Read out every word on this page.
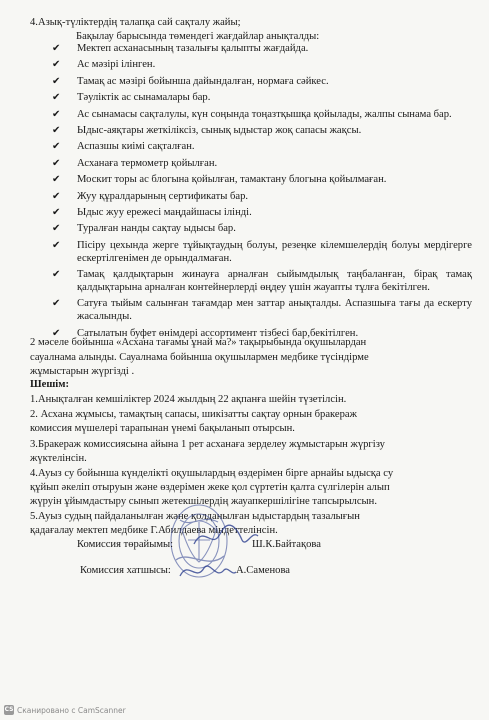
4.Азық-түліктердің талапқа сай сақталу жайы;
Бақылау барысында төмендегі жағдайлар анықталды:
✔ Мектеп асханасының тазалығы қалыпты жағдайда.
✔ Ас мәзірі ілінген.
✔ Тамақ ас мәзірі бойынша дайындалған, нормаға сәйкес.
✔ Тәуліктік ас сынамалары бар.
✔ Ас сынамасы сақталулы, күн соңында тоңазтқышқа қойылады, жалпы сынама бар.
✔ Ыдыс-аяқтары жеткіліксіз, сынық ыдыстар жоқ сапасы жақсы.
✔ Аспазшы киімі сақталған.
✔ Асханаға термометр қойылған.
✔ Москит торы ас блогына қойылған, тамактану блогына қойылмаған.
✔ Жуу құралдарының сертификаты бар.
✔ Ыдыс жуу ережесі маңдайшасы ілінді.
✔ Туралған нанды сақтау ыдысы бар.
✔ Пісіру цехында жерге тұйықтаудың болуы, резеңке кілемшелердің болуы мердігерге ескертілгенімен де орындалмаған.
✔ Тамақ қалдықтарын жинауға арналған сыйымдылық таңбаланған, бірақ тамақ қалдықтарына арналған контейнерлерді өңдеу үшін жауапты тұлға бекітілген.
✔ Сатуға тыйым салынған тағамдар мен заттар анықталды. Аспазшыға тағы да ескерту жасалынды.
✔ Сатылатын буфет өнімдері ассортимент тізбесі бар,бекітілген.
2 мәселе бойынша «Асхана тағамы ұнай ма?» тақырыбында оқушылардан
сауалнама алынды. Сауалнама бойынша оқушылармен медбике түсіндірме
жұмыстарын жүргізді .
Шешім:
1.Анықталған кемшіліктер 2024 жылдың 22 ақпанға шейін түзетілсін.
2. Асхана жұмысы, тамақтың сапасы, шикізатты сақтау орнын бракераж
комиссия мүшелері тарапынан үнемі бақыланып отырсын.
3.Бракераж комиссиясына айына 1 рет асханаға зерделеу жұмыстарын жүргізу
жүктелінсін.
4.Ауыз су бойынша күнделікті оқушылардың өздерімен бірге арнайы ыдысқа су
құйып әкеліп отыруын және өздерімен жеке қол сүртетін қалта сүлгілерін алып
жүруін ұйымдастыру сынып жетекшілердің жауапкершілігіне тапсырылсын.
5.Ауыз судың пайдаланылған және қолданылған ыдыстардың тазалығын
қадағалау мектеп медбике Г.Абилдаева міндеттелінсін.
Комиссия төрайымы:	Ш.К.Байтақова
Комиссия хатшысы:	А.Саменова
CS Сканировано с CamScanner
